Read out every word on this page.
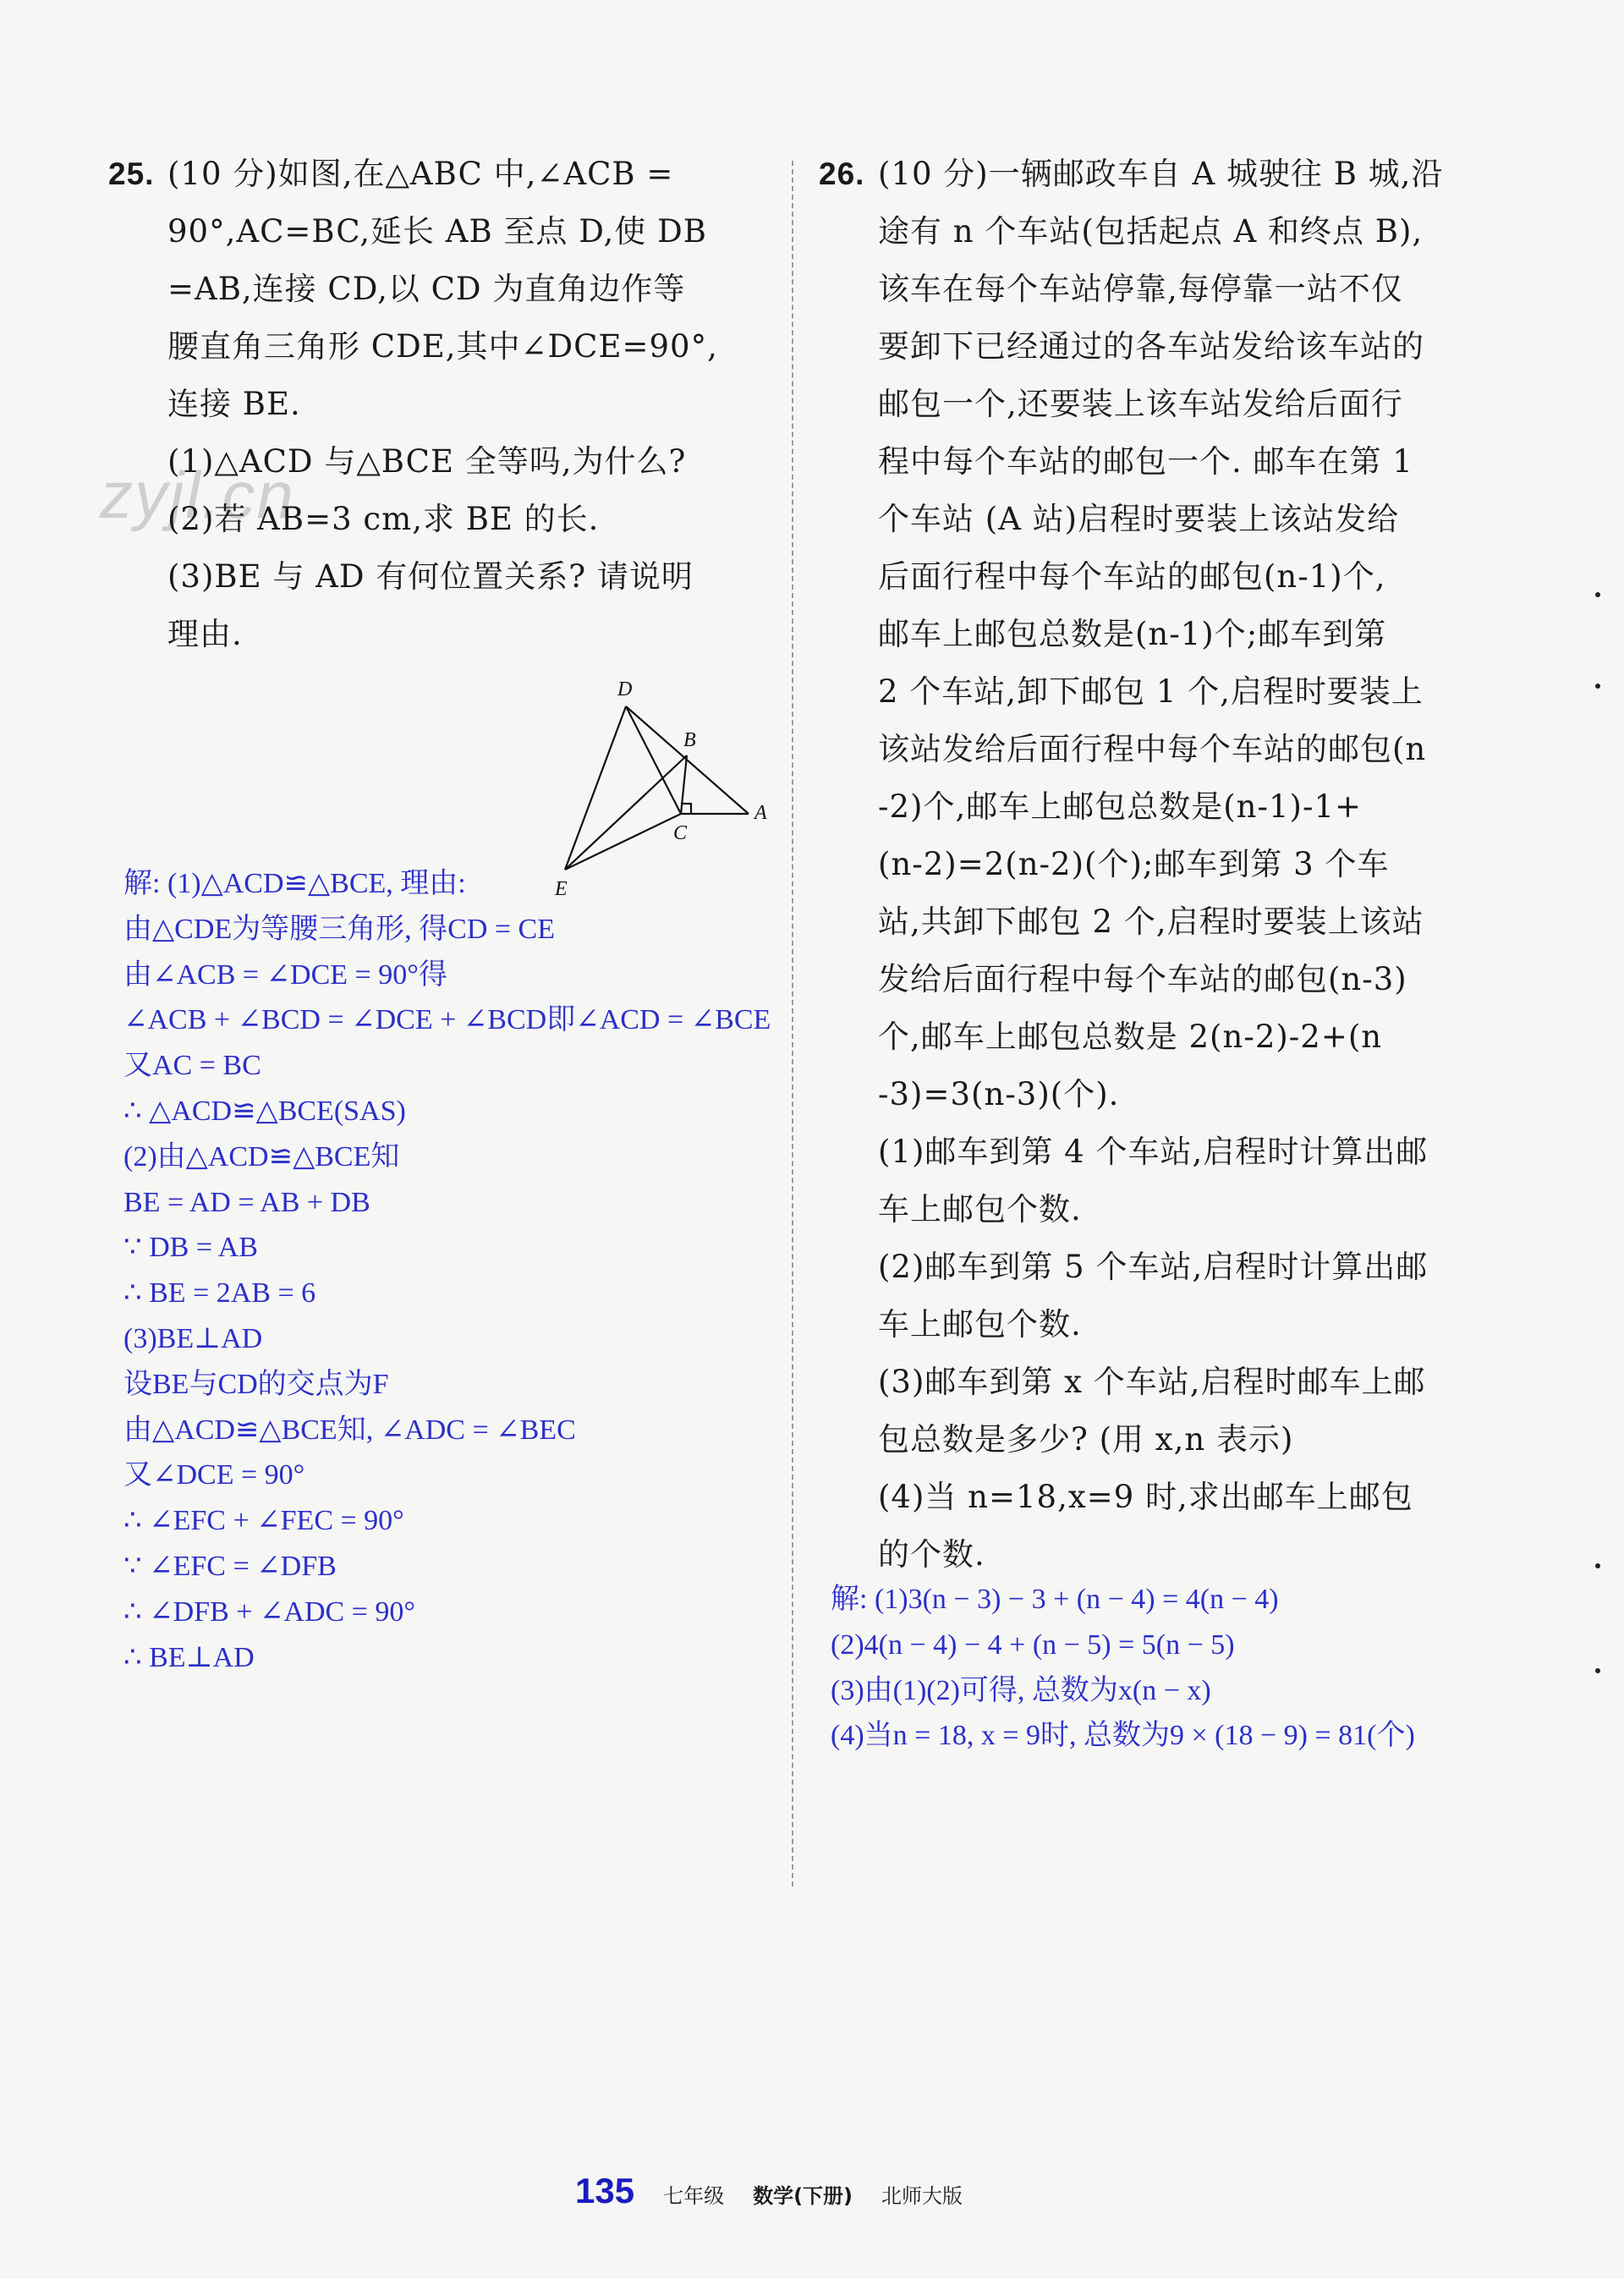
zyjl.cn
25. (10 分)如图,在△ABC 中,∠ACB =
90°,AC=BC,延长 AB 至点 D,使 DB
=AB,连接 CD,以 CD 为直角边作等
腰直角三角形 CDE,其中∠DCE=90°,
连接 BE.
(1)△ACD 与△BCE 全等吗,为什么?
(2)若 AB=3 cm,求 BE 的长.
(3)BE 与 AD 有何位置关系? 请说明
理由.
D
B
A
C
E
解: (1)△ACD≌△BCE, 理由:
由△CDE为等腰三角形, 得CD = CE
由∠ACB = ∠DCE = 90°得
∠ACB + ∠BCD = ∠DCE + ∠BCD即∠ACD = ∠BCE
又AC = BC
∴ △ACD≌△BCE(SAS)
(2)由△ACD≌△BCE知
BE = AD = AB + DB
∵ DB = AB
∴ BE = 2AB = 6
(3)BE⊥AD
设BE与CD的交点为F
由△ACD≌△BCE知, ∠ADC = ∠BEC
又∠DCE = 90°
∴ ∠EFC + ∠FEC = 90°
∵ ∠EFC = ∠DFB
∴ ∠DFB + ∠ADC = 90°
∴ BE⊥AD
26. (10 分)一辆邮政车自 A 城驶往 B 城,沿
途有 n 个车站(包括起点 A 和终点 B),
该车在每个车站停靠,每停靠一站不仅
要卸下已经通过的各车站发给该车站的
邮包一个,还要装上该车站发给后面行
程中每个车站的邮包一个. 邮车在第 1
个车站 (A 站)启程时要装上该站发给
后面行程中每个车站的邮包(n-1)个,
邮车上邮包总数是(n-1)个;邮车到第
2 个车站,卸下邮包 1 个,启程时要装上
该站发给后面行程中每个车站的邮包(n
-2)个,邮车上邮包总数是(n-1)-1+
(n-2)=2(n-2)(个);邮车到第 3 个车
站,共卸下邮包 2 个,启程时要装上该站
发给后面行程中每个车站的邮包(n-3)
个,邮车上邮包总数是 2(n-2)-2+(n
-3)=3(n-3)(个).
(1)邮车到第 4 个车站,启程时计算出邮
车上邮包个数.
(2)邮车到第 5 个车站,启程时计算出邮
车上邮包个数.
(3)邮车到第 x 个车站,启程时邮车上邮
包总数是多少? (用 x,n 表示)
(4)当 n=18,x=9 时,求出邮车上邮包
的个数.
解: (1)3(n − 3) − 3 + (n − 4) = 4(n − 4)
(2)4(n − 4) − 4 + (n − 5) = 5(n − 5)
(3)由(1)(2)可得, 总数为x(n − x)
(4)当n = 18, x = 9时, 总数为9 × (18 − 9) = 81(个)
135 七年级 数学(下册) 北师大版
